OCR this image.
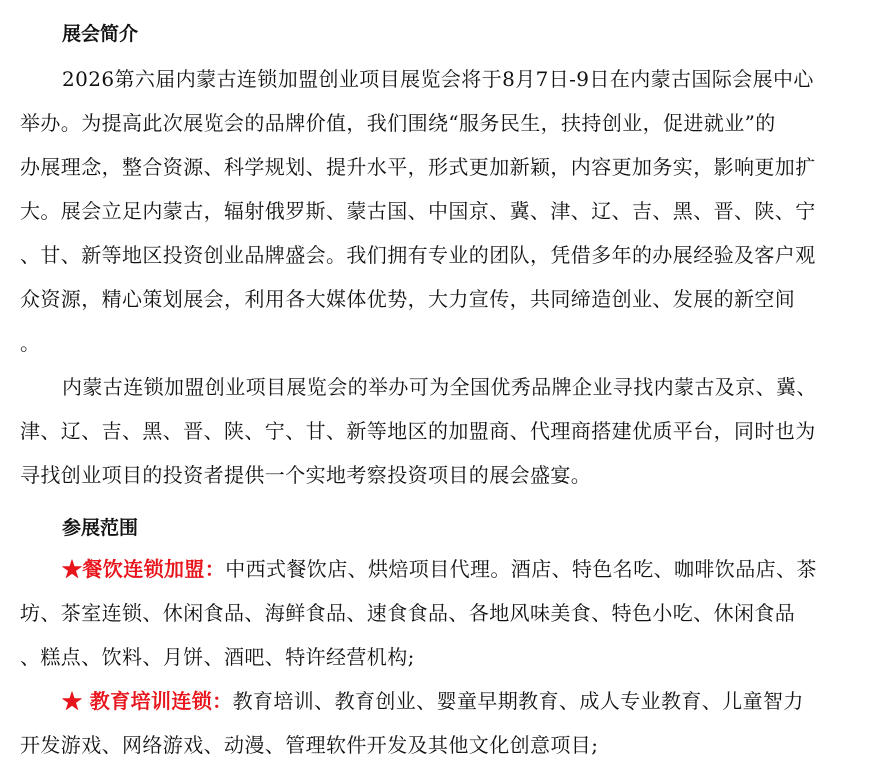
展会简介
2026第六届内蒙古连锁加盟创业项目展览会将于8月7日-9日在内蒙古国际会展中心
举办。为提高此次展览会的品牌价值，我们围绕“服务民生，扶持创业，促进就业”的
办展理念，整合资源、科学规划、提升水平，形式更加新颖，内容更加务实，影响更加扩
大。展会立足内蒙古，辐射俄罗斯、蒙古国、中国京、冀、津、辽、吉、黑、晋、陕、宁
、甘、新等地区投资创业品牌盛会。我们拥有专业的团队，凭借多年的办展经验及客户观
众资源，精心策划展会，利用各大媒体优势，大力宣传，共同缔造创业、发展的新空间
。
内蒙古连锁加盟创业项目展览会的举办可为全国优秀品牌企业寻找内蒙古及京、冀、
津、辽、吉、黑、晋、陕、宁、甘、新等地区的加盟商、代理商搭建优质平台，同时也为
寻找创业项目的投资者提供一个实地考察投资项目的展会盛宴。
参展范围
★餐饮连锁加盟：中西式餐饮店、烘焙项目代理。酒店、特色名吃、咖啡饮品店、茶
坊、茶室连锁、休闲食品、海鲜食品、速食食品、各地风味美食、特色小吃、休闲食品
、糕点、饮料、月饼、酒吧、特许经营机构;
★ 教育培训连锁：教育培训、教育创业、婴童早期教育、成人专业教育、儿童智力
开发游戏、网络游戏、动漫、管理软件开发及其他文化创意项目;
